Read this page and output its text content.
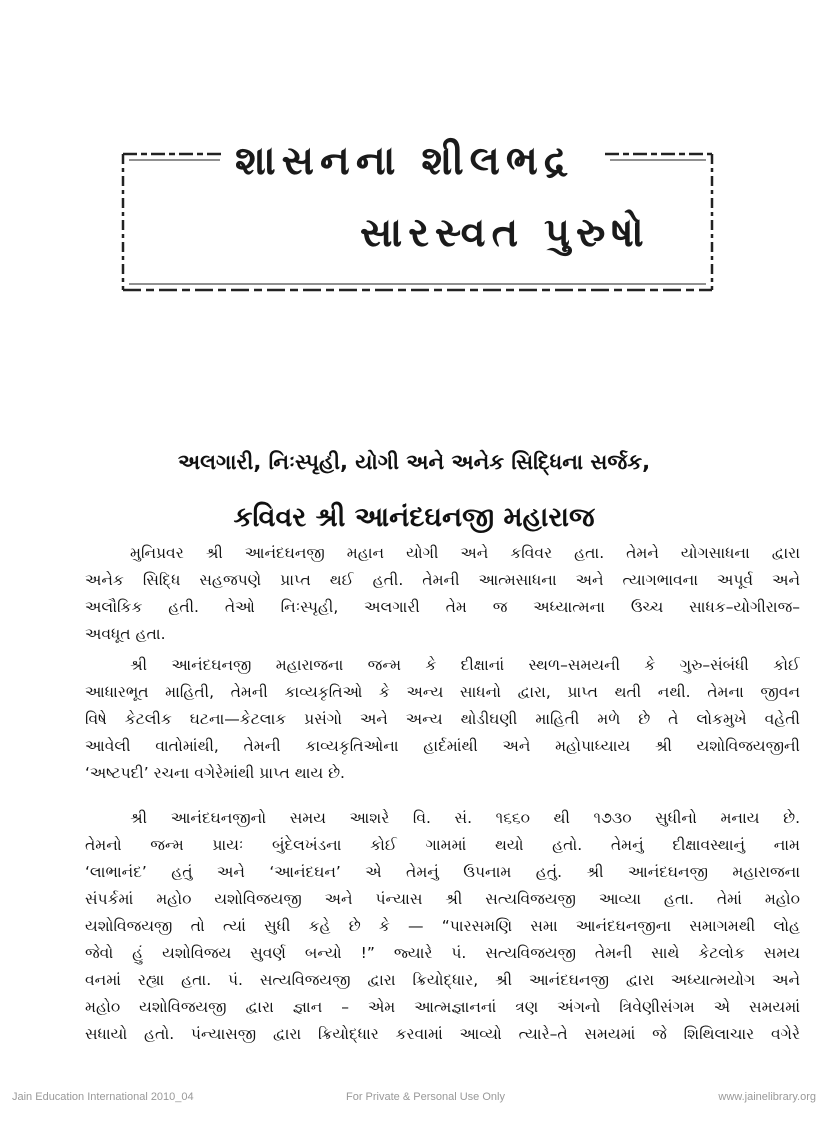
શાસનના શીલભદ્ર
સારસ્વત પુરુષો
અલગારી, નિઃસ્પૃહી, યોગી અને અનેક સિદ્ધિના સર્જક,
કવિવર શ્રી આનંદઘનજી મહારાજ
મુનિપ્રવર શ્રી આનંદઘનજી મહાન યોગી અને કવિવર હતા. તેમને યોગસાધના દ્વારા
અનેક સિદ્ધિ સહજપણે પ્રાપ્ત થઈ હતી. તેમની આત્મસાધના અને ત્યાગભાવના અપૂર્વ અને
અલૌકિક હતી. તેઓ નિઃસ્પૃહી, અલગારી તેમ જ અધ્યાત્મના ઉચ્ચ સાધક–યોગીરાજ–
અવધૂત હતા.
શ્રી આનંદઘનજી મહારાજના જન્મ કે દીક્ષાનાં સ્થળ–સમયની કે ગુરુ–સંબંધી કોઈ
આધારભૂત માહિતી, તેમની કાવ્યકૃતિઓ કે અન્ય સાધનો દ્વારા, પ્રાપ્ત થતી નથી. તેમના જીવન
વિષે કેટલીક ઘટના—કેટલાક પ્રસંગો અને અન્ય થોડીઘણી માહિતી મળે છે તે લોકમુખે વહેતી
આવેલી વાતોમાંથી, તેમની કાવ્યકૃતિઓના હાર્દમાંથી અને મહોપાધ્યાય શ્રી યશોવિજયજીની
‘અષ્ટપદી’ રચના વગેરેમાંથી પ્રાપ્ત થાય છે.
શ્રી આનંદઘનજીનો સમય આશરે વિ. સં. ૧૬૬૦ થી ૧૭૩૦ સુધીનો મનાય છે.
તેમનો જન્મ પ્રાયઃ બુંદેલખંડના કોઈ ગામમાં થયો હતો. તેમનું દીક્ષાવસ્થાનું નામ
‘લાભાનંદ’ હતું અને ‘આનંદઘન’ એ તેમનું ઉપનામ હતું. શ્રી આનંદઘનજી મહારાજના
સંપર્કમાં મહો૦ યશોવિજયજી અને પંન્યાસ શ્રી સત્યવિજયજી આવ્યા હતા. તેમાં મહો૦
યશોવિજયજી તો ત્યાં સુધી કહે છે કે — “પારસમણિ સમા આનંદઘનજીના સમાગમથી લોહ
જેવો હું યશોવિજય સુવર્ણ બન્યો !” જ્યારે પં. સત્યવિજયજી તેમની સાથે કેટલોક સમય
વનમાં રહ્યા હતા. પં. સત્યવિજયજી દ્વારા ક્રિયોદ્ધાર, શ્રી આનંદઘનજી દ્વારા અધ્યાત્મયોગ અને
મહો૦ યશોવિજયજી દ્વારા જ્ઞાન – એમ આત્મજ્ઞાનનાં ત્રણ અંગનો ત્રિવેણીસંગમ એ સમયમાં
સધાયો હતો. પંન્યાસજી દ્વારા ક્રિયોદ્ધાર કરવામાં આવ્યો ત્યારે–તે સમયમાં જે શિથિલાચાર વગેરે
Jain Education International 2010_04	For Private & Personal Use Only	www.jainelibrary.org
